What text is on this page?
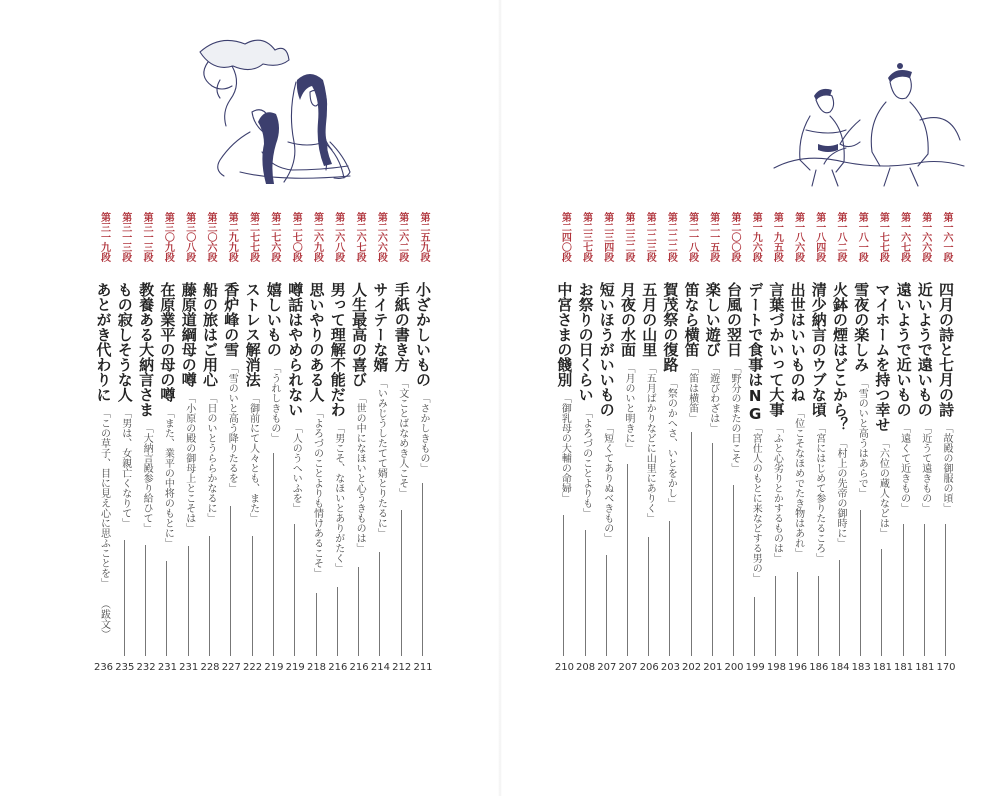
第二五九段
小ざかしいもの
「さかしきもの」
211
第二六二段
手紙の書き方
「文ことばなめき人こそ」
212
第二六六段
サイテーな婿
「いみじうしたてて婿とりたるに」
214
第二六七段
人生最高の喜び
「世の中になほいと心うきものは」
216
第二六八段
男って理解不能だわ
「男こそ、なほいとありがたく」
216
第二六九段
思いやりのある人
「よろづのことよりも情けあるこそ」
218
第二七〇段
噂話はやめられない
「人のうへいふを」
219
第二七六段
嬉しいもの
「うれしきもの」
219
第二七七段
ストレス解消法
「御前にて人々とも、また」
222
第二九九段
香炉峰の雪
「雪のいと高う降りたるを」
227
第三〇六段
船の旅はご用心
「日のいとうららかなるに」
228
第三〇八段
藤原道綱母の噂
「小原の殿の御母上とこそは」
231
第三〇九段
在原業平の母の噂
「また、業平の中将のもとに」
231
第三一三段
教養ある大納言さま
「大納言殿参り給ひて」
232
第三一三段
もの寂しそうな人
「男は、女親亡くなりて」
235
第三一九段
あとがき代わりに
「この草子、目に見え心に思ふことを」 （跋文）
236
第一六一段
四月の詩と七月の詩
「故殿の御服の頃」
170
第一六六段
近いようで遠いもの
「近うて遠きもの」
181
第一六七段
遠いようで近いもの
「遠くて近きもの」
181
第一七七段
マイホームを持つ幸せ
「六位の蔵人などは」
181
第一八一段
雪夜の楽しみ
「雪のいと高うはあらで」
183
第一八二段
火鉢の煙はどこから？
「村上の先帝の御時に」
184
第一八四段
清少納言のウブな頃
「宮にはじめて参りたるころ」
186
第一八六段
出世はいいものね
「位こそなほめでたき物はあれ」
196
第一九五段
言葉づかいって大事
「ふと心劣りとかするものは」
198
第一九六段
デートで食事はNG
「宮仕人のもとに来などする男の」
199
第二〇〇段
台風の翌日
「野分のまたの日こそ」
200
第二一五段
楽しい遊び
「遊びわざは」
201
第二一八段
笛なら横笛
「笛は横笛」
202
第二二二段
賀茂祭の復路
「祭のかへさ、いとをかし」
203
第二二三段
五月の山里
「五月ばかりなどに山里にありく」
206
第二三二段
月夜の水面
「月のいと明きに」
207
第二三四段
短いほうがいいもの
「短くてありぬべきもの」
207
第二三七段
お祭りの日くらい
「よろづのことよりも」
208
第二四〇段
中宮さまの餞別
「御乳母の大輔の命婦」
210
